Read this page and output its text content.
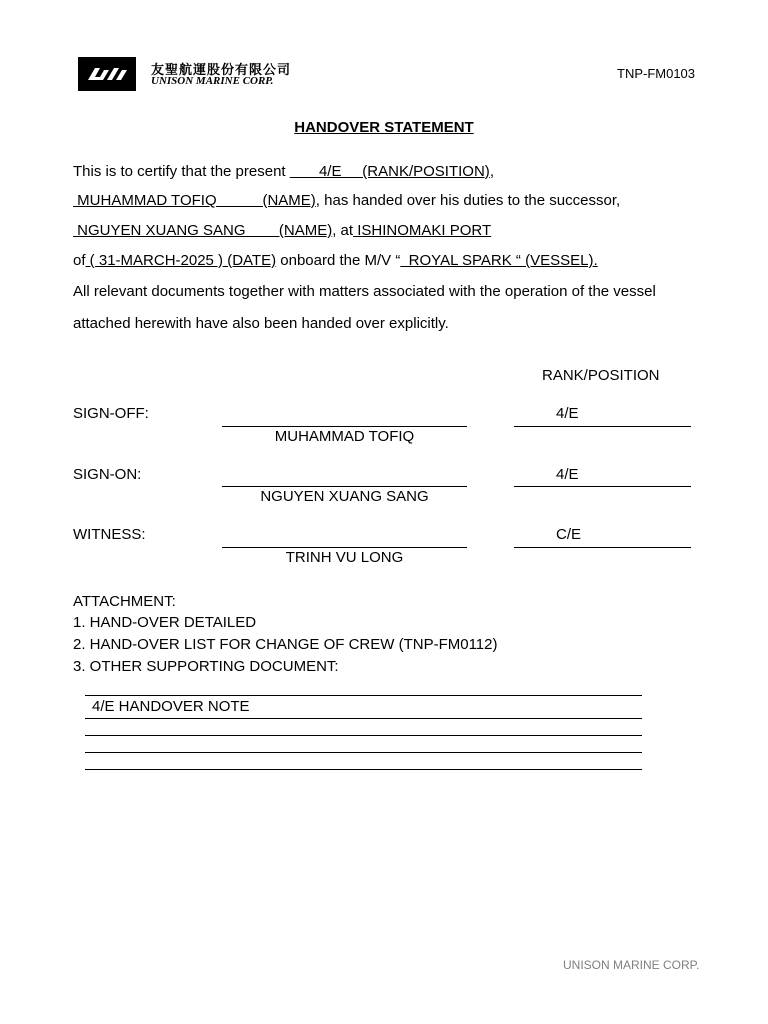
友聖航運股份有限公司
UNISON MARINE CORP.	TNP-FM0103
HANDOVER STATEMENT
This is to certify that the present        4/E     (RANK/POSITION),
MUHAMMAD TOFIQ           (NAME), has handed over his duties to the successor,
NGUYEN XUANG SANG        (NAME), at ISHINOMAKI PORT
of ( 31-MARCH-2025 ) (DATE) onboard the M/V “  ROYAL SPARK “ (VESSEL).
All relevant documents together with matters associated with the operation of the vessel
attached herewith have also been handed over explicitly.
RANK/POSITION
SIGN-OFF:
MUHAMMAD TOFIQ
4/E
SIGN-ON:
NGUYEN XUANG SANG
4/E
WITNESS:
TRINH VU LONG
C/E
ATTACHMENT:
1. HAND-OVER DETAILED
2. HAND-OVER LIST FOR CHANGE OF CREW (TNP-FM0112)
3. OTHER SUPPORTING DOCUMENT:
4/E HANDOVER NOTE
UNISON MARINE CORP.
